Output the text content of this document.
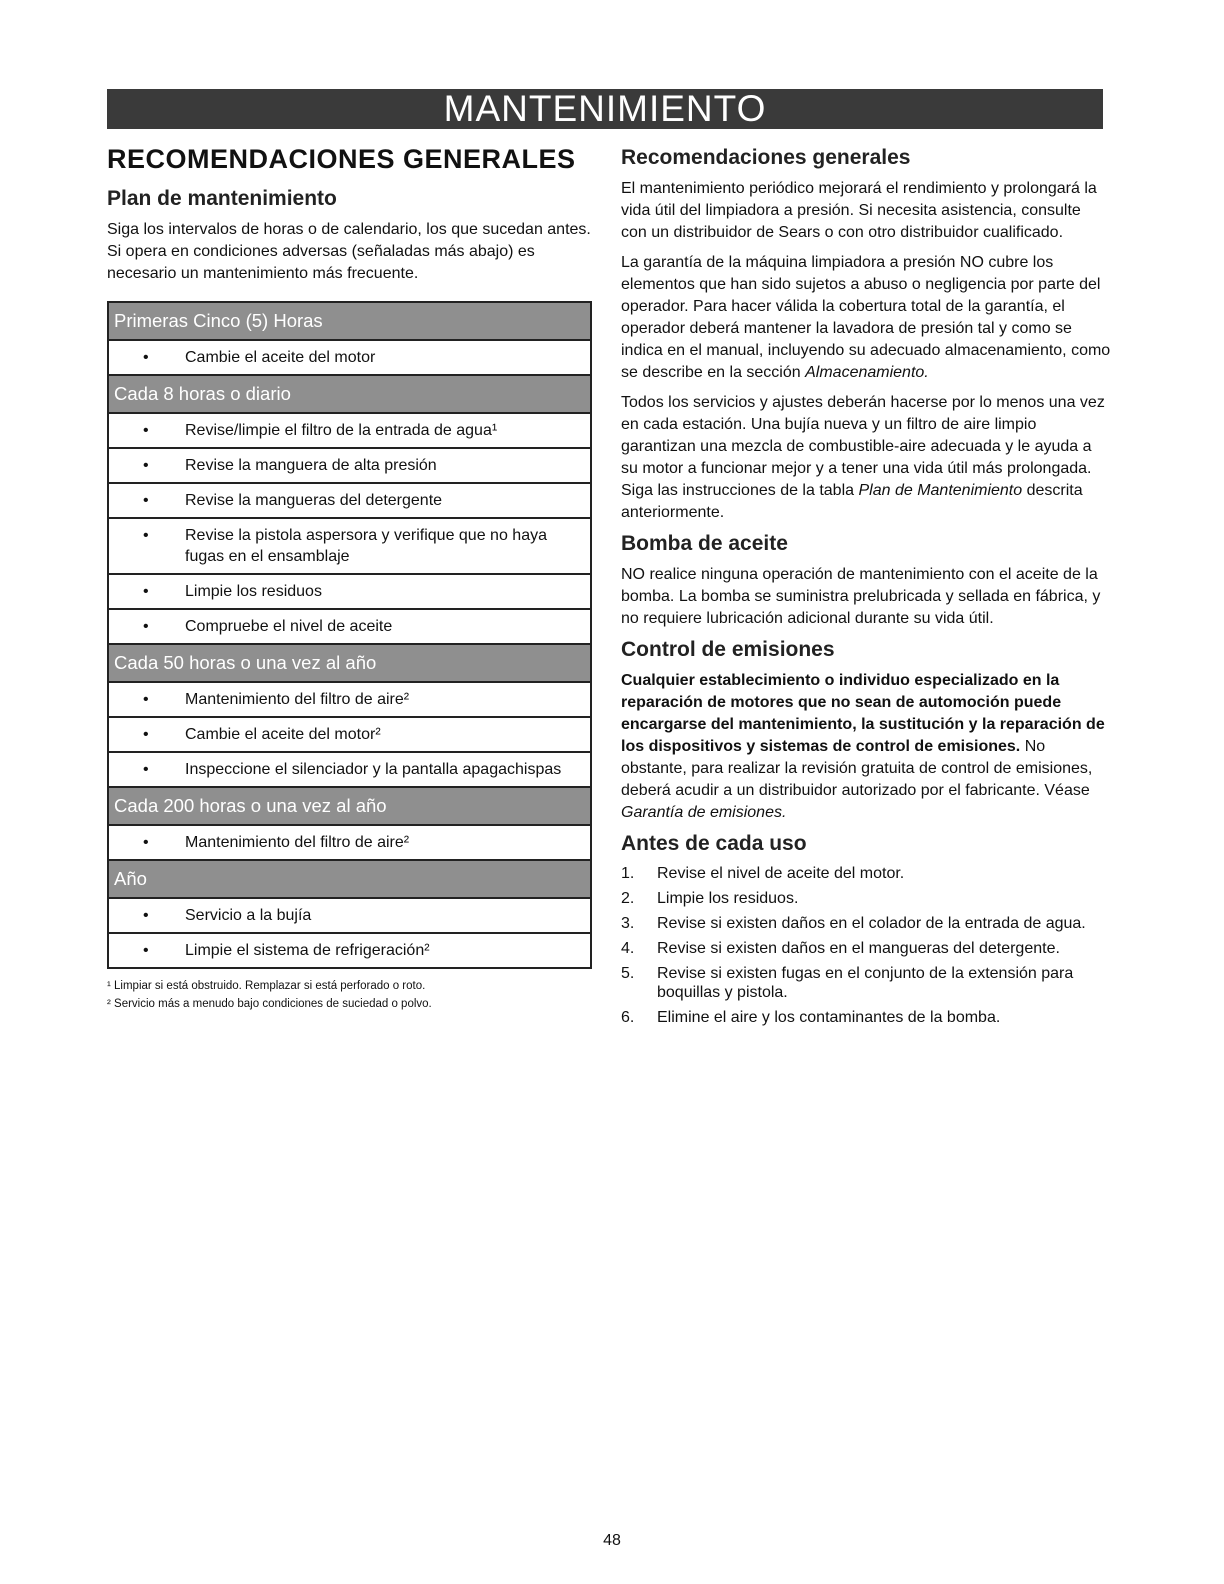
MANTENIMIENTO
RECOMENDACIONES GENERALES
Plan de mantenimiento

Siga los intervalos de horas o de calendario, los que sucedan antes. Si opera en condiciones adversas (señaladas más abajo) es necesario un mantenimiento más frecuente.

Primeras Cinco (5) Horas
• Cambie el aceite del motor
Cada 8 horas o diario
• Revise/limpie el filtro de la entrada de agua¹
• Revise la manguera de alta presión
• Revise la mangueras del detergente
• Revise la pistola aspersora y verifique que no haya fugas en el ensamblaje
• Limpie los residuos
• Compruebe el nivel de aceite
Cada 50 horas o una vez al año
• Mantenimiento del filtro de aire²
• Cambie el aceite del motor²
• Inspeccione el silenciador y la pantalla apagachispas
Cada 200 horas o una vez al año
• Mantenimiento del filtro de aire²
Año
• Servicio a la bujía
• Limpie el sistema de refrigeración²

¹ Limpiar si está obstruido. Remplazar si está perforado o roto.

² Servicio más a menudo bajo condiciones de suciedad o polvo.

Recomendaciones generales

El mantenimiento periódico mejorará el rendimiento y prolongará la vida útil del limpiadora a presión. Si necesita asistencia, consulte con un distribuidor de Sears o con otro distribuidor cualificado.

La garantía de la máquina limpiadora a presión NO cubre los elementos que han sido sujetos a abuso o negligencia por parte del operador. Para hacer válida la cobertura total de la garantía, el operador deberá mantener la lavadora de presión tal y como se indica en el manual, incluyendo su adecuado almacenamiento, como se describe en la sección Almacenamiento.

Todos los servicios y ajustes deberán hacerse por lo menos una vez en cada estación. Una bujía nueva y un filtro de aire limpio garantizan una mezcla de combustible-aire adecuada y le ayuda a su motor a funcionar mejor y a tener una vida útil más prolongada. Siga las instrucciones de la tabla Plan de Mantenimiento descrita anteriormente.

Bomba de aceite

NO realice ninguna operación de mantenimiento con el aceite de la bomba. La bomba se suministra prelubricada y sellada en fábrica, y no requiere lubricación adicional durante su vida útil.

Control de emisiones

Cualquier establecimiento o individuo especializado en la reparación de motores que no sean de automoción puede encargarse del mantenimiento, la sustitución y la reparación de los dispositivos y sistemas de control de emisiones. No obstante, para realizar la revisión gratuita de control de emisiones, deberá acudir a un distribuidor autorizado por el fabricante. Véase Garantía de emisiones.

Antes de cada uso
1. Revise el nivel de aceite del motor.
2. Limpie los residuos.
3. Revise si existen daños en el colador de la entrada de agua.
4. Revise si existen daños en el mangueras del detergente.
5. Revise si existen fugas en el conjunto de la extensión para boquillas y pistola.
6. Elimine el aire y los contaminantes de la bomba.
48
